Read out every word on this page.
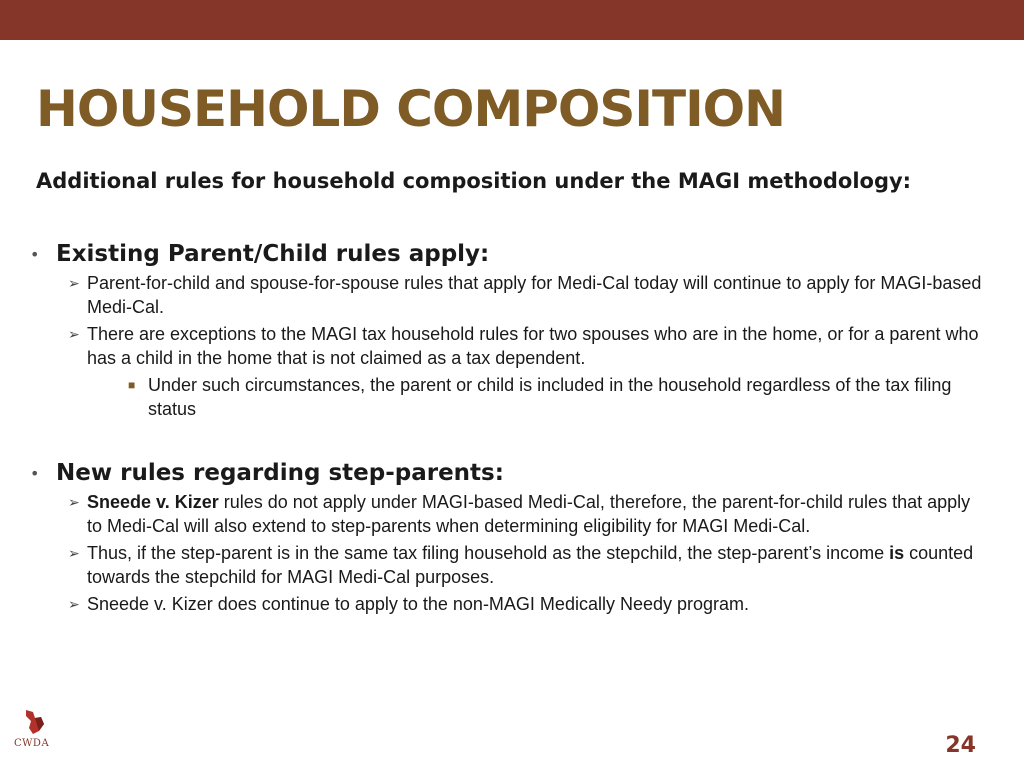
HOUSEHOLD COMPOSITION

Additional rules for household composition under the MAGI methodology:

• Existing Parent/Child rules apply:
➢ Parent-for-child and spouse-for-spouse rules that apply for Medi-Cal today will continue to apply for MAGI-based Medi-Cal.
➢ There are exceptions to the MAGI tax household rules for two spouses who are in the home, or for a parent who has a child in the home that is not claimed as a tax dependent.
■ Under such circumstances, the parent or child is included in the household regardless of the tax filing status
• New rules regarding step-parents:
➢ Sneede v. Kizer rules do not apply under MAGI-based Medi-Cal, therefore, the parent-for-child rules that apply to Medi-Cal will also extend to step-parents when determining eligibility for MAGI Medi-Cal.
➢ Thus, if the step-parent is in the same tax filing household as the stepchild, the step-parent’s income is counted towards the stepchild for MAGI Medi-Cal purposes.
➢ Sneede v. Kizer does continue to apply to the non-MAGI Medically Needy program.
CWDA	24
